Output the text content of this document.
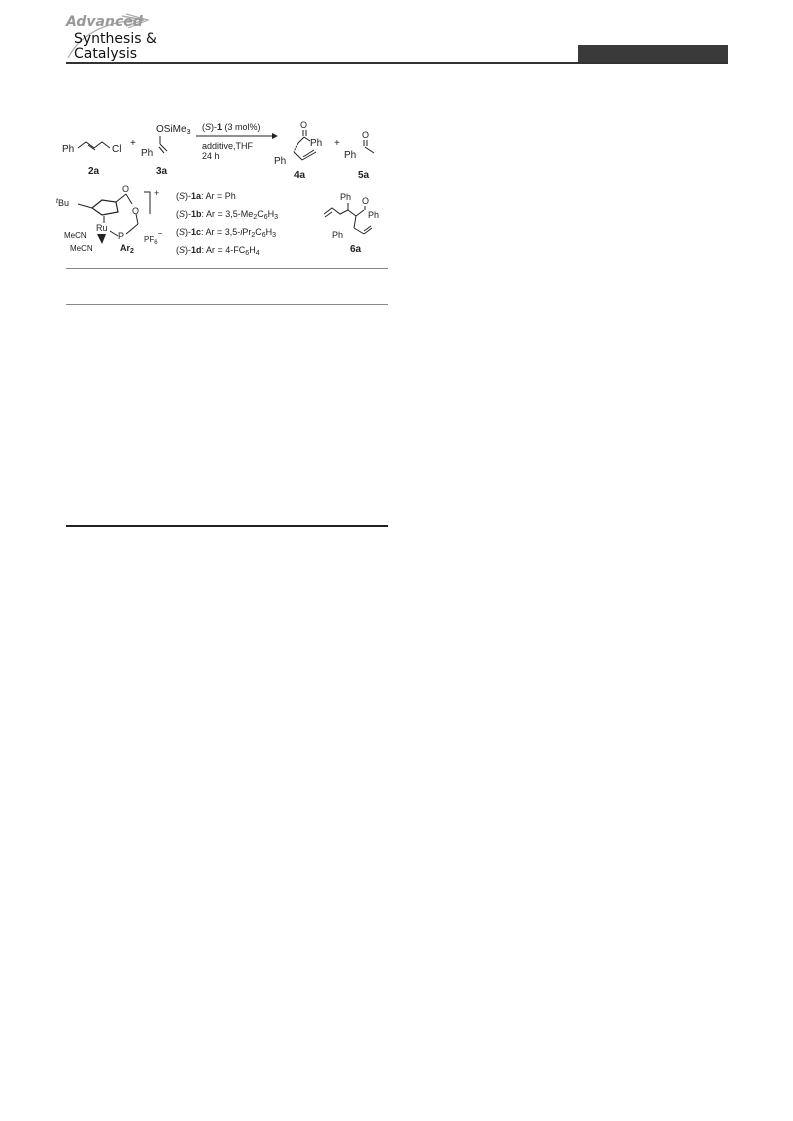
Advanced
Synthesis &
Catalysis
Ph	Cl
2a
+
OSiMe$_3$
Ph
3a
(S)-1 (3 mol%)
additive,THF
24 h
O
Ph
Ph
4a
+
O
Ph
5a
$^t$Bu
O
O
Ru
MeCN
MeCN
P
$Ar_2$
$PF_6-$
+ (S)-1a: Ar = Ph
(S)-1b: $Ar = 3,5-Me_2C_6H_3$
(S)-1c: $Ar = 3,5-iPr_2C_6H_3$
(S)-1d: $Ar = 4-FC_6H_4$
Ph O
Ph
Ph
6a
